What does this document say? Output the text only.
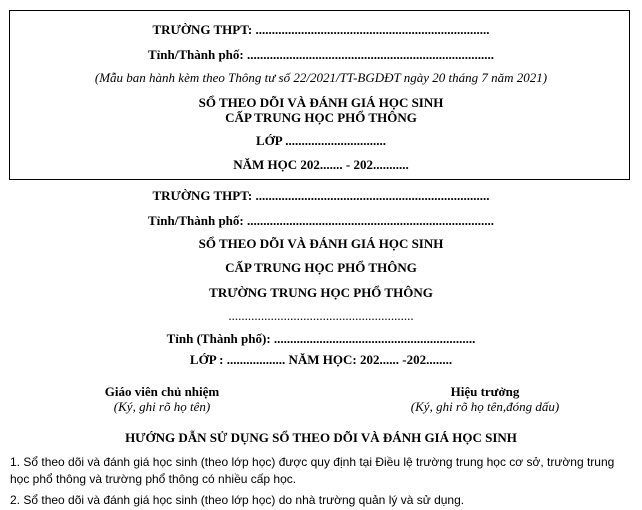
TRƯỜNG THPT: ........................................................................
Tỉnh/Thành phố: ............................................................................
(Mẫu ban hành kèm theo Thông tư số 22/2021/TT-BGDĐT ngày 20 tháng 7 năm 2021)
SỔ THEO DÕI VÀ ĐÁNH GIÁ HỌC SINH
CẤP TRUNG HỌC PHỔ THÔNG
LỚP ...............................
NĂM HỌC 202....... - 202...........
TRƯỜNG THPT: ........................................................................
Tỉnh/Thành phố: ............................................................................
SỔ THEO DÕI VÀ ĐÁNH GIÁ HỌC SINH
CẤP TRUNG HỌC PHỔ THÔNG
TRƯỜNG TRUNG HỌC PHỔ THÔNG
.........................................................
Tỉnh (Thành phố): ..............................................................
LỚP : .................. NĂM HỌC: 202...... -202........
Giáo viên chủ nhiệm
(Ký, ghi rõ họ tên)
Hiệu trưởng
(Ký, ghi rõ họ tên,đóng dấu)
HƯỚNG DẪN SỬ DỤNG SỔ THEO DÕI VÀ ĐÁNH GIÁ HỌC SINH
1. Sổ theo dõi và đánh giá học sinh (theo lớp học) được quy định tại Điều lệ trường trung học cơ sở, trường trung học phổ thông và trường phổ thông có nhiều cấp học.
2. Sổ theo dõi và đánh giá học sinh (theo lớp học) do nhà trường quản lý và sử dụng.
